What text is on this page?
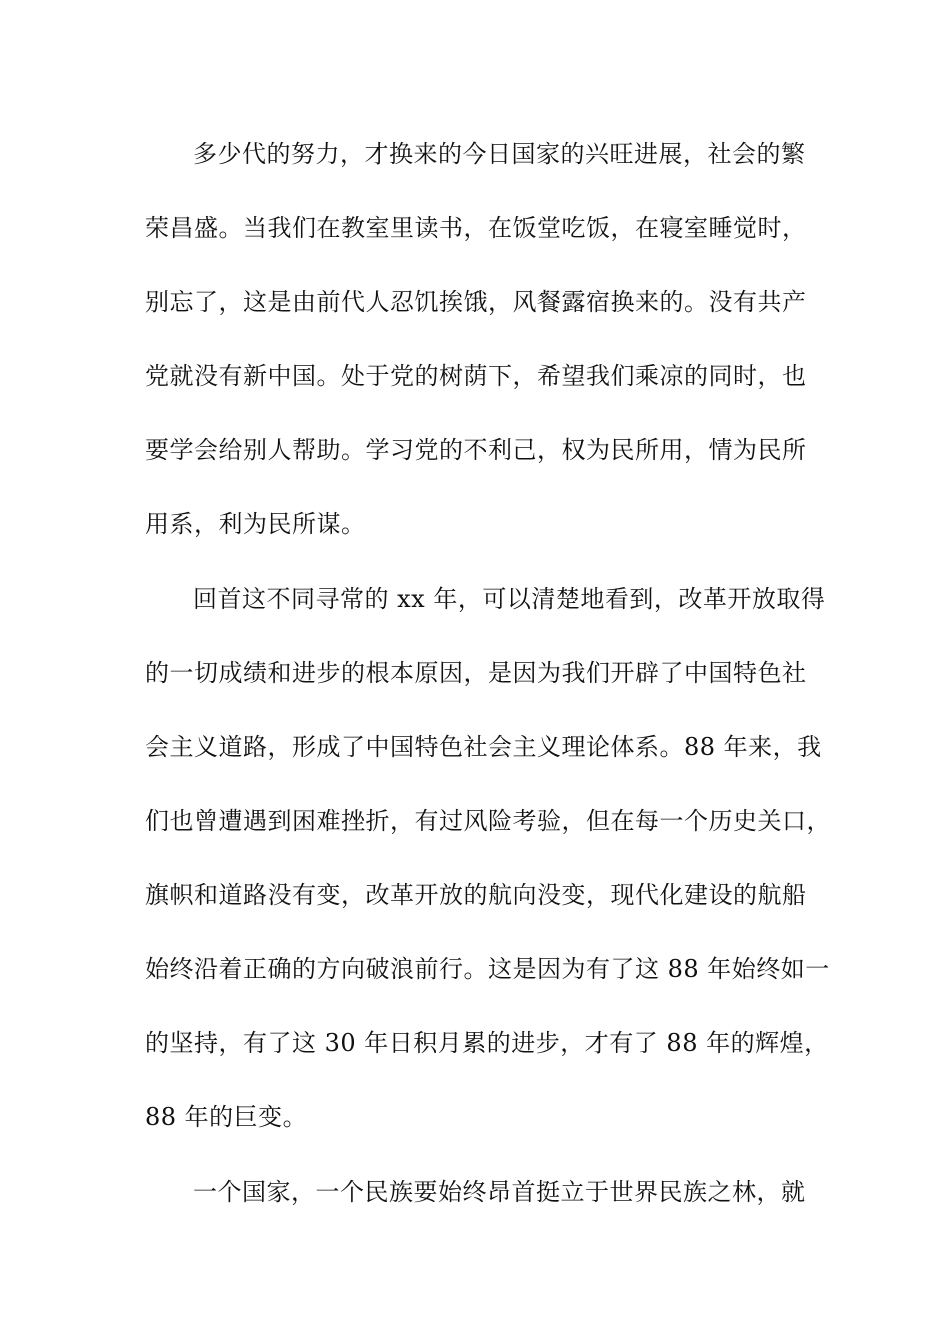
多少代的努力，才换来的今日国家的兴旺进展，社会的繁
荣昌盛。当我们在教室里读书，在饭堂吃饭，在寝室睡觉时，
别忘了，这是由前代人忍饥挨饿，风餐露宿换来的。没有共产
党就没有新中国。处于党的树荫下，希望我们乘凉的同时，也
要学会给别人帮助。学习党的不利己，权为民所用，情为民所
用系，利为民所谋。
回首这不同寻常的 xx 年，可以清楚地看到，改革开放取得
的一切成绩和进步的根本原因，是因为我们开辟了中国特色社
会主义道路，形成了中国特色社会主义理论体系。88 年来，我
们也曾遭遇到困难挫折，有过风险考验，但在每一个历史关口，
旗帜和道路没有变，改革开放的航向没变，现代化建设的航船
始终沿着正确的方向破浪前行。这是因为有了这 88 年始终如一
的坚持，有了这 30 年日积月累的进步，才有了 88 年的辉煌，
88 年的巨变。
一个国家，一个民族要始终昂首挺立于世界民族之林，就
